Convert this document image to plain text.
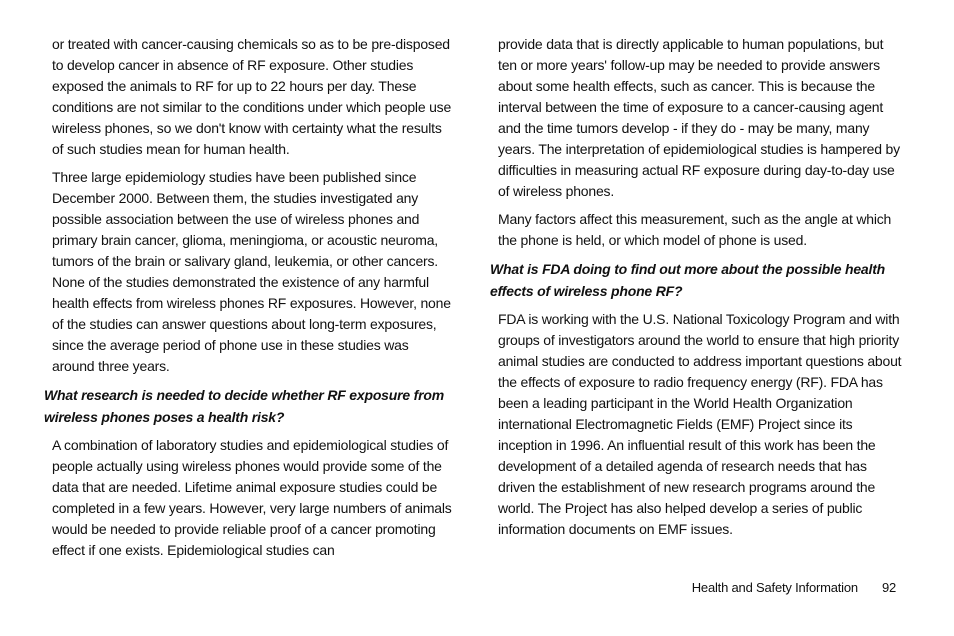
or treated with cancer-causing chemicals so as to be pre-disposed to develop cancer in absence of RF exposure. Other studies exposed the animals to RF for up to 22 hours per day. These conditions are not similar to the conditions under which people use wireless phones, so we don't know with certainty what the results of such studies mean for human health.

Three large epidemiology studies have been published since December 2000. Between them, the studies investigated any possible association between the use of wireless phones and primary brain cancer, glioma, meningioma, or acoustic neuroma, tumors of the brain or salivary gland, leukemia, or other cancers. None of the studies demonstrated the existence of any harmful health effects from wireless phones RF exposures. However, none of the studies can answer questions about long-term exposures, since the average period of phone use in these studies was around three years.

What research is needed to decide whether RF exposure from wireless phones poses a health risk?

A combination of laboratory studies and epidemiological studies of people actually using wireless phones would provide some of the data that are needed. Lifetime animal exposure studies could be completed in a few years. However, very large numbers of animals would be needed to provide reliable proof of a cancer promoting effect if one exists. Epidemiological studies can

provide data that is directly applicable to human populations, but ten or more years' follow-up may be needed to provide answers about some health effects, such as cancer. This is because the interval between the time of exposure to a cancer-causing agent and the time tumors develop - if they do - may be many, many years. The interpretation of epidemiological studies is hampered by difficulties in measuring actual RF exposure during day-to-day use of wireless phones.

Many factors affect this measurement, such as the angle at which the phone is held, or which model of phone is used.

What is FDA doing to find out more about the possible health effects of wireless phone RF?

FDA is working with the U.S. National Toxicology Program and with groups of investigators around the world to ensure that high priority animal studies are conducted to address important questions about the effects of exposure to radio frequency energy (RF). FDA has been a leading participant in the World Health Organization international Electromagnetic Fields (EMF) Project since its inception in 1996. An influential result of this work has been the development of a detailed agenda of research needs that has driven the establishment of new research programs around the world. The Project has also helped develop a series of public information documents on EMF issues.

Health and Safety Information 92
